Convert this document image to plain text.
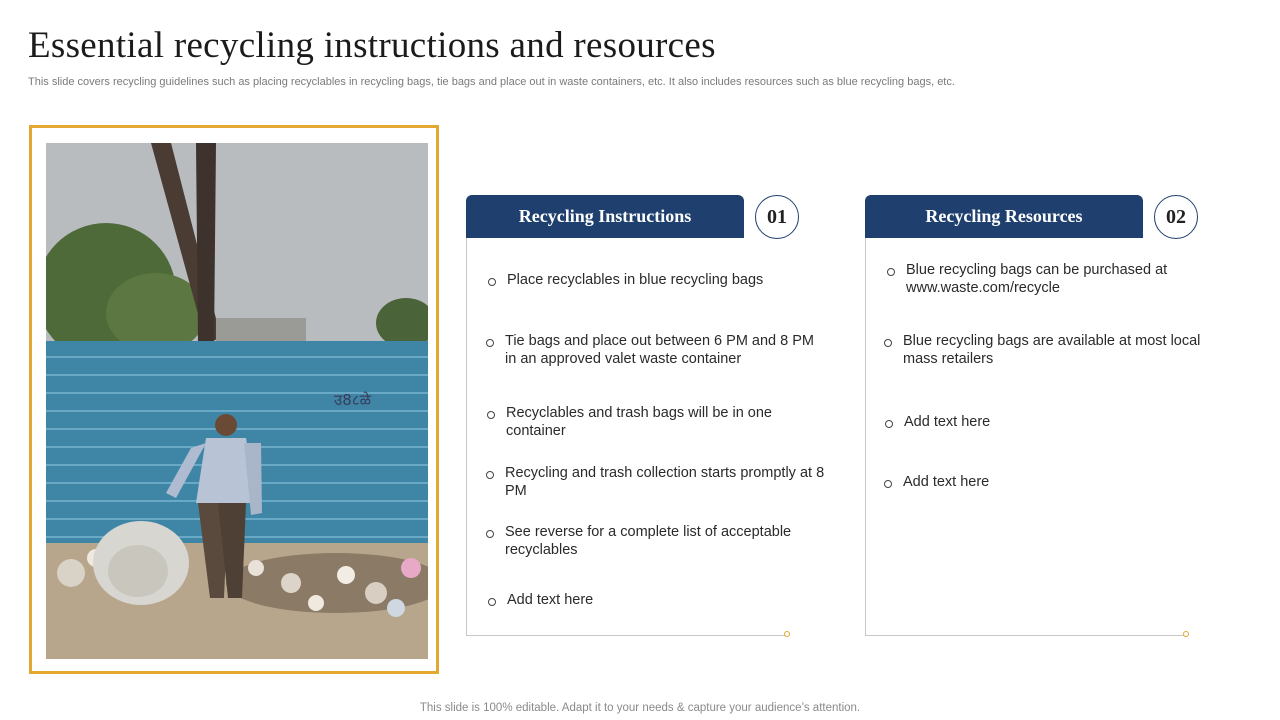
Essential recycling instructions and resources
This slide covers recycling guidelines such as placing recyclables in recycling bags, tie bags and place out in waste containers, etc. It also includes resources such as blue recycling bags, etc.
उ8८ळे
Recycling Instructions	01
Place recyclables in blue recycling bags
Tie bags and place out between 6 PM and 8 PM in an approved valet waste container
Recyclables and trash bags will be in one container
Recycling and trash collection starts promptly at 8 PM
See reverse for a complete list of acceptable recyclables
Add text here
Recycling Resources	02
Blue recycling bags can be purchased at www.waste.com/recycle
Blue recycling bags are available at most local mass retailers
Add text here
Add text here
This slide is 100% editable. Adapt it to your needs & capture your audience’s attention.
